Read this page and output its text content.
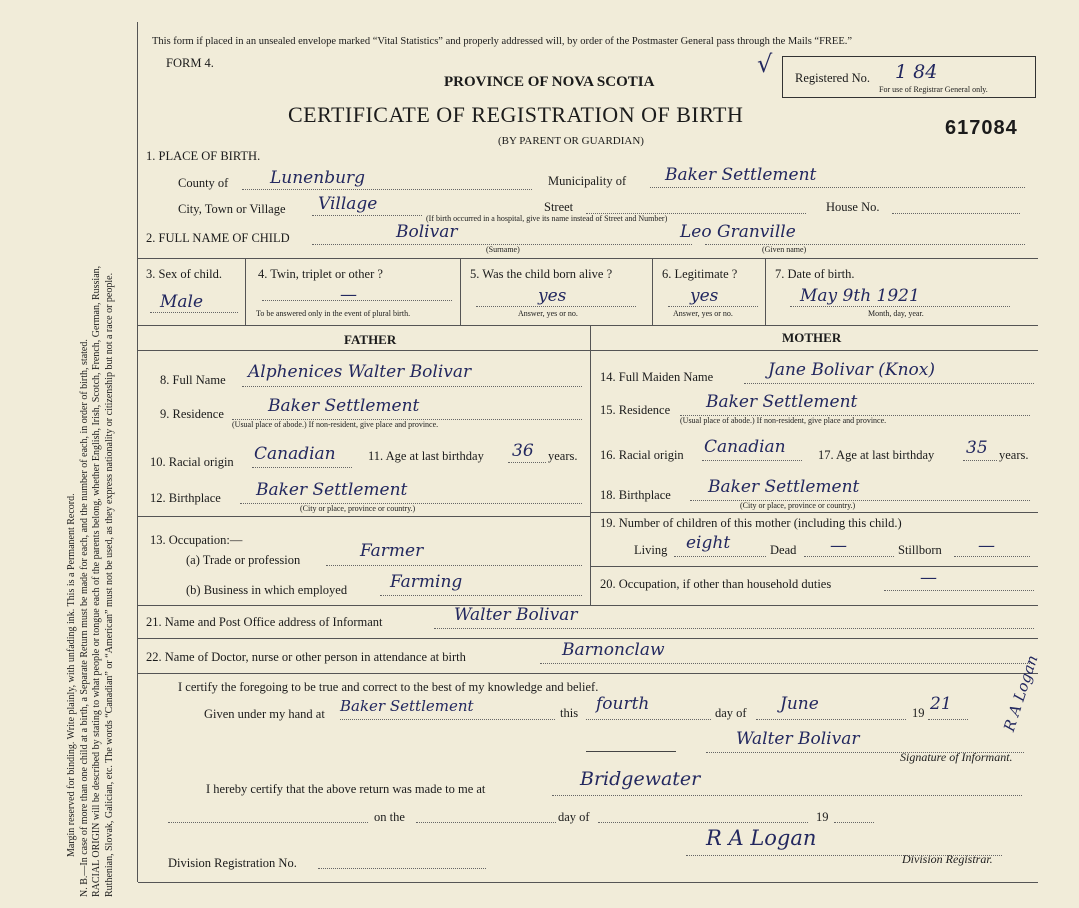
Margin reserved for binding. Write plainly, with unfading ink. This is a Permanent Record. N. B.—In case of more than one child at a birth, a Separate Return must be made for each, and the number of each, in order of birth, stated. RACIAL ORIGIN will be described by stating to what people or tongue each of the parents belong, whether English, Irish, Scotch, French, German, Russian, Ruthenian, Slovak, Galician, etc. The words “Canadian” or “American” must not be used, as they express nationality or citizenship but not a race or people.
This form if placed in an unsealed envelope marked “Vital Statistics” and properly addressed will, by order of the Postmaster General pass through the Mails “FREE.”
FORM 4.
PROVINCE OF NOVA SCOTIA
CERTIFICATE OF REGISTRATION OF BIRTH
(BY PARENT OR GUARDIAN)
617084
√ Registered No. 1 84
For use of Registrar General only.
1. PLACE OF BIRTH.
County of Lunenburg	Municipality of Baker Settlement
City, Town or Village Village	Street	House No.
(If birth occurred in a hospital, give its name instead of Street and Number)
2. FULL NAME OF CHILD	Bolivar	Leo Granville
(Surname)	(Given name)
3. Sex of child.
Male
4. Twin, triplet or other ?
—
To be answered only in the event of plural birth.
5. Was the child born alive ?
yes
Answer, yes or no.
6. Legitimate ?
yes
Answer, yes or no.
7. Date of birth.
May 9th 1921
Month, day, year.
FATHER	MOTHER
8. Full Name Alphenices Walter Bolivar
9. Residence	Baker Settlement
(Usual place of abode.) If non-resident, give place and province.
10. Racial origin Canadian	11. Age at last birthday 36 years.
12. Birthplace Baker Settlement
(City or place, province or country.)
13. Occupation:—
(a) Trade or profession	Farmer
(b) Business in which employed	Farming
14. Full Maiden Name	Jane Bolivar (Knox)
15. Residence Baker Settlement
(Usual place of abode.) If non-resident, give place and province.
16. Racial origin Canadian	17. Age at last birthday 35 years.
18. Birthplace Baker Settlement
(City or place, province or country.)
19. Number of children of this mother (including this child.)
Living eight	Dead —	Stillborn —
20. Occupation, if other than household duties	—
21. Name and Post Office address of Informant	Walter Bolivar
22. Name of Doctor, nurse or other person in attendance at birth	Barnonclaw
I certify the foregoing to be true and correct to the best of my knowledge and belief.
Given under my hand at Baker Settlement	this fourth	day of June	19 21
Walter Bolivar
Signature of Informant.
I hereby certify that the above return was made to me at	Bridgewater
on the	day of	19
R A Logan
Division Registrar.
Division Registration No.
R A Logan
